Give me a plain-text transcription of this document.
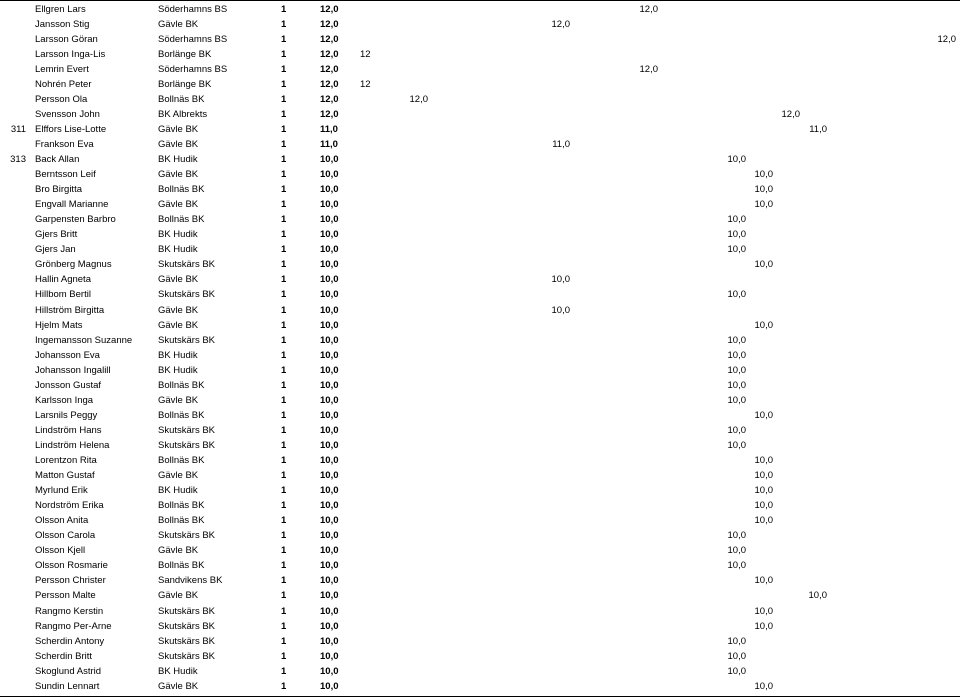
Ellgren Lars	Söderhamns BS	1	12,0	12,0
Jansson Stig	Gävle BK	1	12,0	12,0
Larsson Göran	Söderhamns BS	1	12,0	12,0
Larsson Inga-Lis	Borlänge BK	1	12,0 12
Lemrin Evert	Söderhamns BS	1	12,0	12,0
Nohrén Peter	Borlänge BK	1	12,0 12
Persson Ola	Bollnäs BK	1	12,0	12,0
Svensson John	BK Albrekts	1	12,0	12,0
311 Elffors Lise-Lotte	Gävle BK	1	11,0	11,0
Frankson Eva	Gävle BK	1	11,0	11,0
313 Back Allan	BK Hudik	1	10,0	10,0
Berntsson Leif	Gävle BK	1	10,0	10,0
Bro Birgitta	Bollnäs BK	1	10,0	10,0
Engvall Marianne	Gävle BK	1	10,0	10,0
Garpensten Barbro	Bollnäs BK	1	10,0	10,0
Gjers Britt	BK Hudik	1	10,0	10,0
Gjers Jan	BK Hudik	1	10,0	10,0
Grönberg Magnus	Skutskärs BK	1	10,0	10,0
Hallin Agneta	Gävle BK	1	10,0	10,0
Hillbom Bertil	Skutskärs BK	1	10,0	10,0
Hillström Birgitta	Gävle BK	1	10,0	10,0
Hjelm Mats	Gävle BK	1	10,0	10,0
Ingemansson Suzanne	Skutskärs BK	1	10,0	10,0
Johansson Eva	BK Hudik	1	10,0	10,0
Johansson Ingalill	BK Hudik	1	10,0	10,0
Jonsson Gustaf	Bollnäs BK	1	10,0	10,0
Karlsson Inga	Gävle BK	1	10,0	10,0
Larsnils Peggy	Bollnäs BK	1	10,0	10,0
Lindström Hans	Skutskärs BK	1	10,0	10,0
Lindström Helena	Skutskärs BK	1	10,0	10,0
Lorentzon Rita	Bollnäs BK	1	10,0	10,0
Matton Gustaf	Gävle BK	1	10,0	10,0
Myrlund Erik	BK Hudik	1	10,0	10,0
Nordström Erika	Bollnäs BK	1	10,0	10,0
Olsson Anita	Bollnäs BK	1	10,0	10,0
Olsson Carola	Skutskärs BK	1	10,0	10,0
Olsson Kjell	Gävle BK	1	10,0	10,0
Olsson Rosmarie	Bollnäs BK	1	10,0	10,0
Persson Christer	Sandvikens BK	1	10,0	10,0
Persson Malte	Gävle BK	1	10,0	10,0
Rangmo Kerstin	Skutskärs BK	1	10,0	10,0
Rangmo Per-Arne	Skutskärs BK	1	10,0	10,0
Scherdin Antony	Skutskärs BK	1	10,0	10,0
Scherdin Britt	Skutskärs BK	1	10,0	10,0
Skoglund Astrid	BK Hudik	1	10,0	10,0
Sundin Lennart	Gävle BK	1	10,0	10,0
